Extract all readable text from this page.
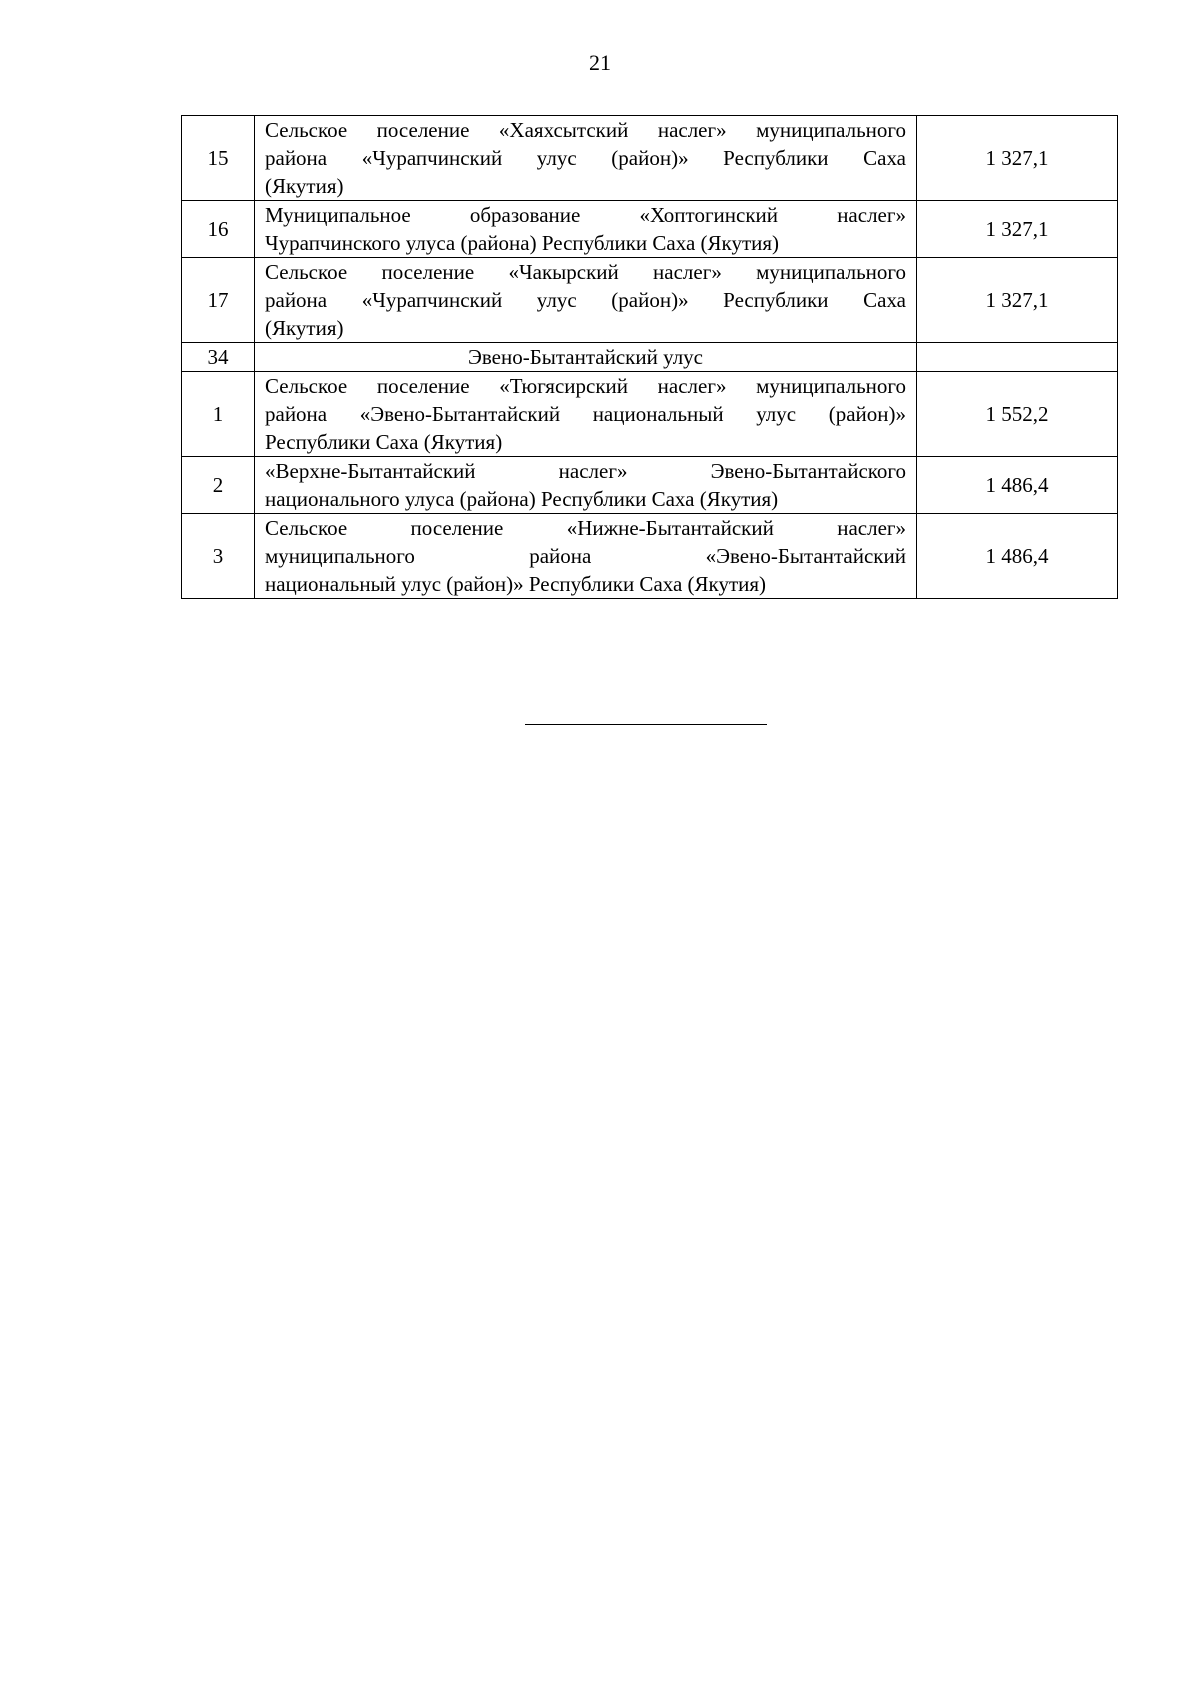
21
15	Сельское поселение «Хаяхсытский наслег» муниципального
района «Чурапчинский улус (район)» Республики Саха
(Якутия)	1 327,1
16	Муниципальное образование «Хоптогинский наслег»
Чурапчинского улуса (района) Республики Саха (Якутия)	1 327,1
17	Сельское поселение «Чакырский наслег» муниципального
района «Чурапчинский улус (район)» Республики Саха
(Якутия)	1 327,1
34	Эвено-Бытантайский улус	
1	Сельское поселение «Тюгясирский наслег» муниципального
района «Эвено-Бытантайский национальный улус (район)»
Республики Саха (Якутия)	1 552,2
2	«Верхне-Бытантайский наслег» Эвено-Бытантайского
национального улуса (района) Республики Саха (Якутия)	1 486,4
3	Сельское поселение «Нижне-Бытантайский наслег»
муниципального района «Эвено-Бытантайский
национальный улус (район)» Республики Саха (Якутия)	1 486,4
